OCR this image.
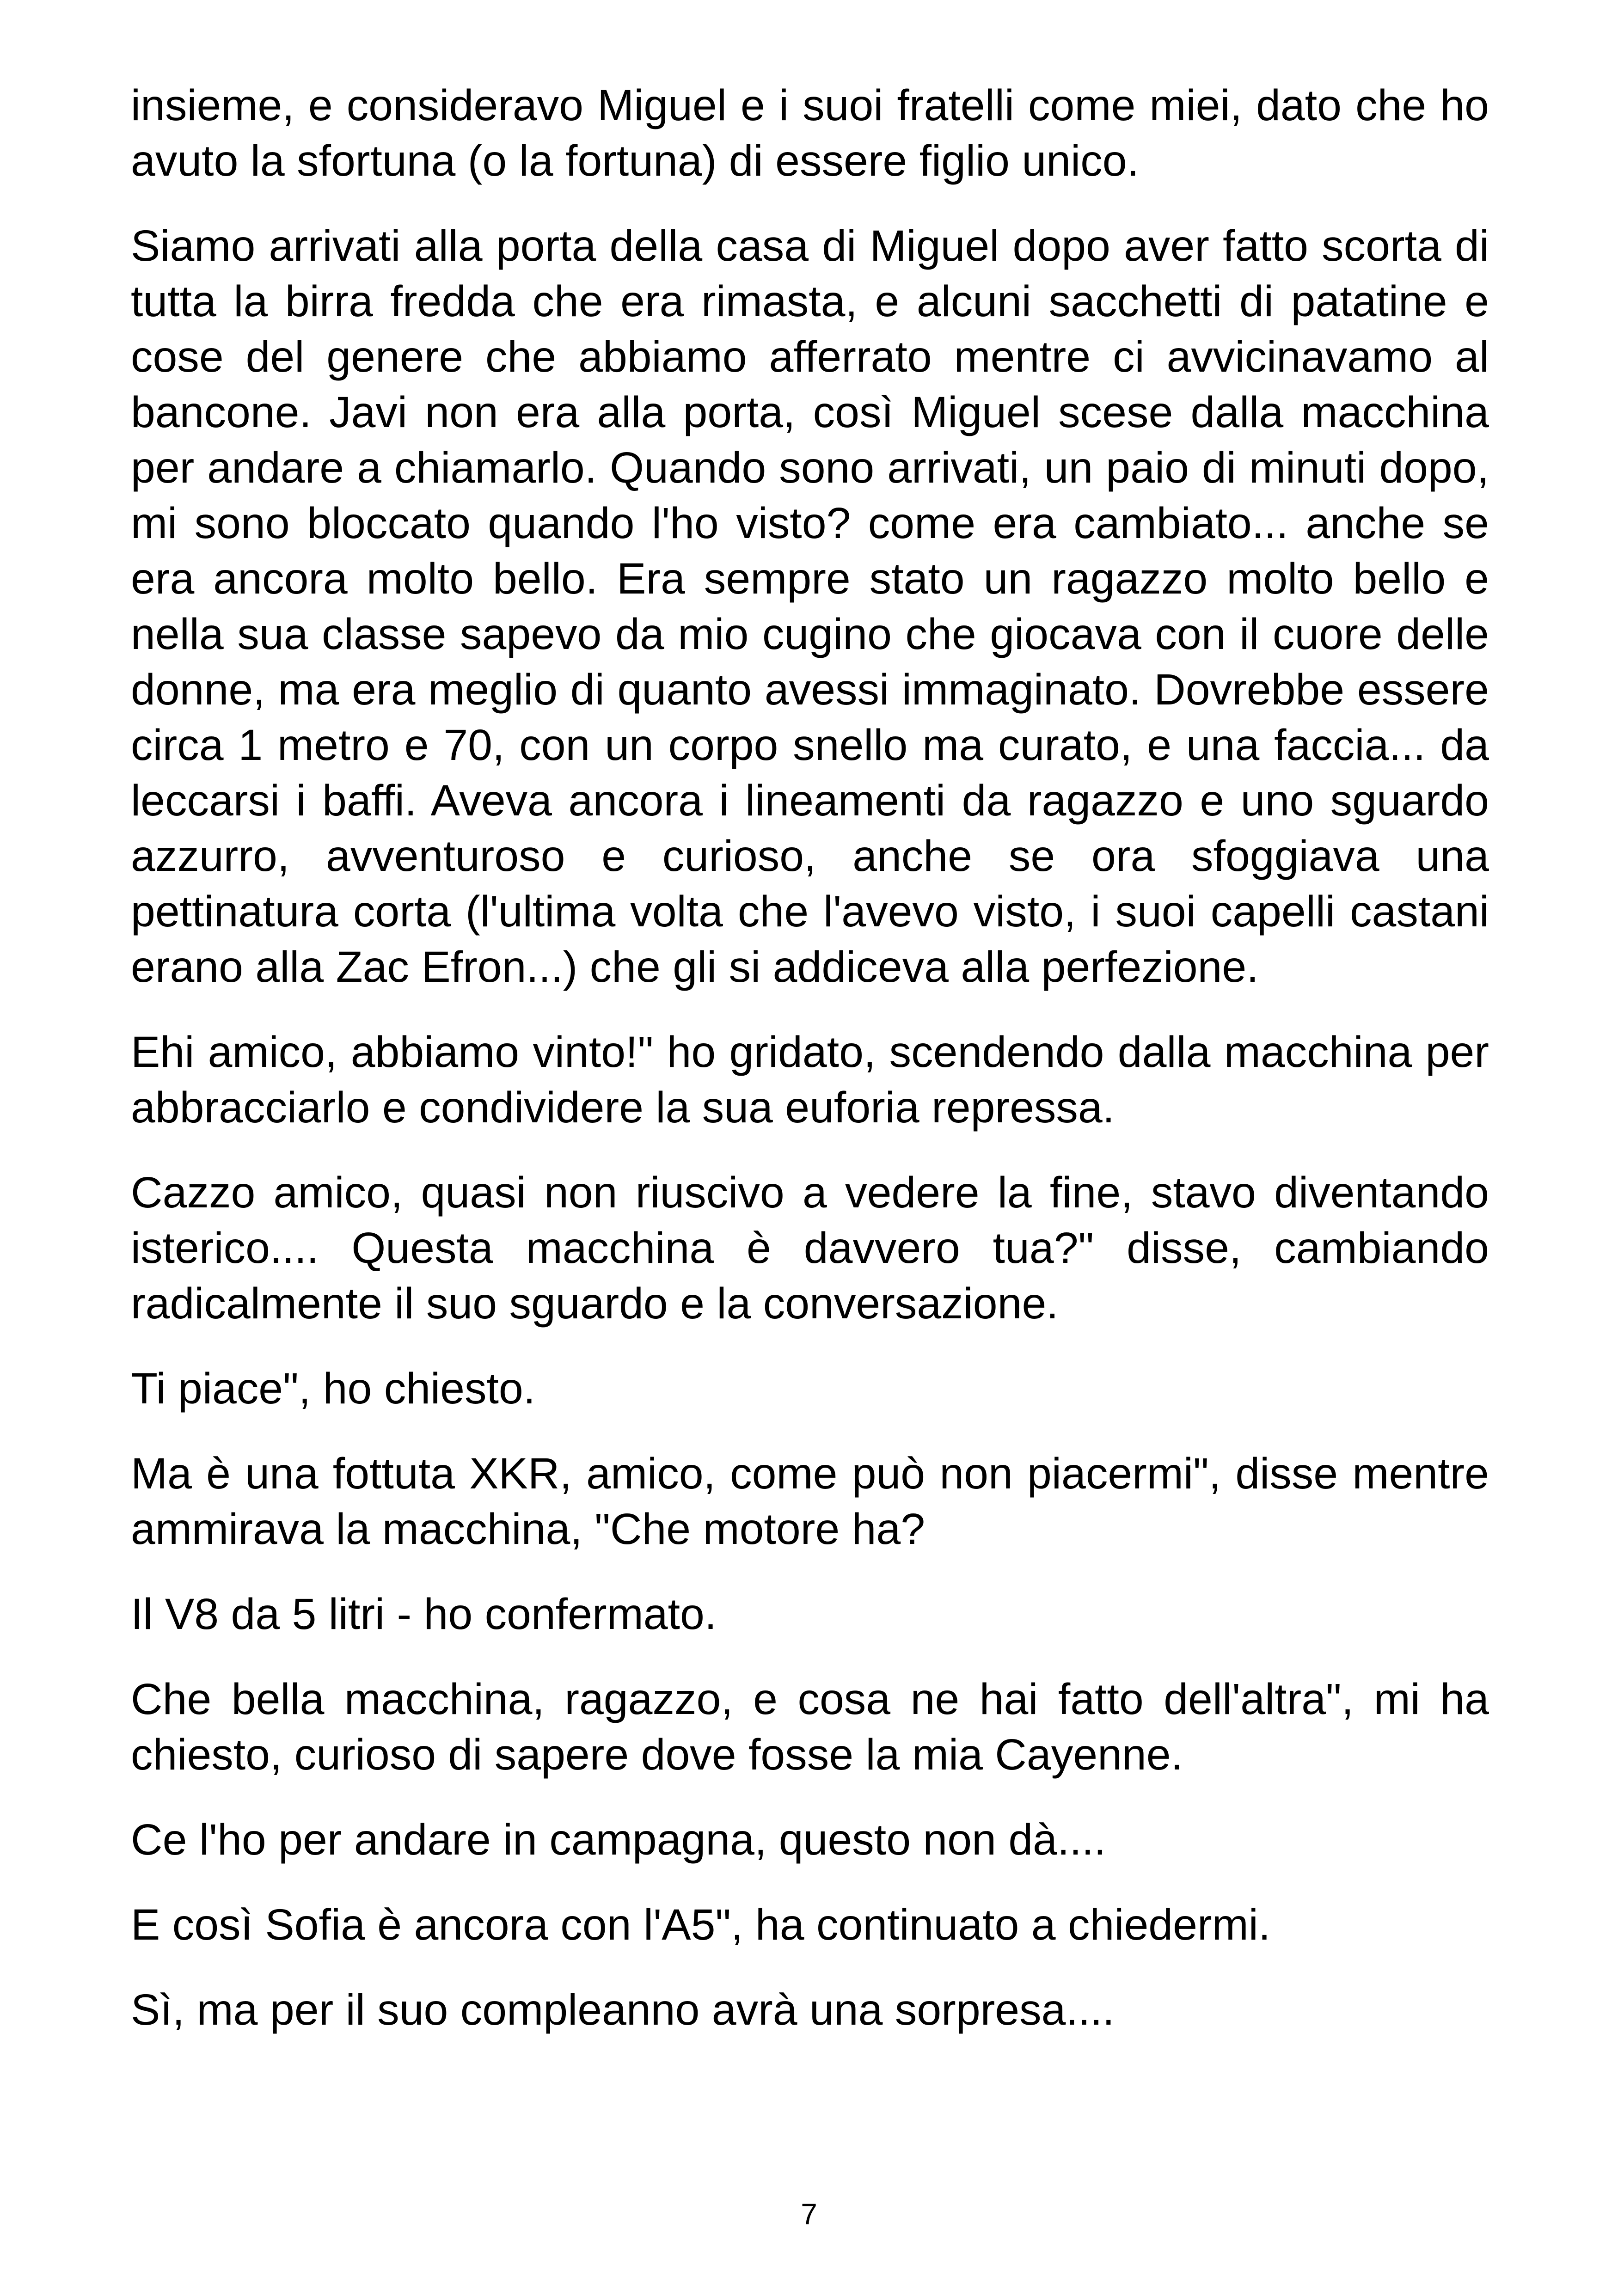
insieme, e consideravo Miguel e i suoi fratelli come miei, dato che ho avuto la sfortuna (o la fortuna) di essere figlio unico.

Siamo arrivati alla porta della casa di Miguel dopo aver fatto scorta di tutta la birra fredda che era rimasta, e alcuni sacchetti di patatine e cose del genere che abbiamo afferrato mentre ci avvicinavamo al bancone. Javi non era alla porta, così Miguel scese dalla macchina per andare a chiamarlo. Quando sono arrivati, un paio di minuti dopo, mi sono bloccato quando l'ho visto? come era cambiato... anche se era ancora molto bello. Era sempre stato un ragazzo molto bello e nella sua classe sapevo da mio cugino che giocava con il cuore delle donne, ma era meglio di quanto avessi immaginato. Dovrebbe essere circa 1 metro e 70, con un corpo snello ma curato, e una faccia... da leccarsi i baffi. Aveva ancora i lineamenti da ragazzo e uno sguardo azzurro, avventuroso e curioso, anche se ora sfoggiava una pettinatura corta (l'ultima volta che l'avevo visto, i suoi capelli castani erano alla Zac Efron...) che gli si addiceva alla perfezione.

Ehi amico, abbiamo vinto!" ho gridato, scendendo dalla macchina per abbracciarlo e condividere la sua euforia repressa.

Cazzo amico, quasi non riuscivo a vedere la fine, stavo diventando isterico.... Questa macchina è davvero tua?" disse, cambiando radicalmente il suo sguardo e la conversazione.

Ti piace", ho chiesto.

Ma è una fottuta XKR, amico, come può non piacermi", disse mentre ammirava la macchina, "Che motore ha?

Il V8 da 5 litri - ho confermato.

Che bella macchina, ragazzo, e cosa ne hai fatto dell'altra", mi ha chiesto, curioso di sapere dove fosse la mia Cayenne.

Ce l'ho per andare in campagna, questo non dà....

E così Sofia è ancora con l'A5", ha continuato a chiedermi.

Sì, ma per il suo compleanno avrà una sorpresa....

7
